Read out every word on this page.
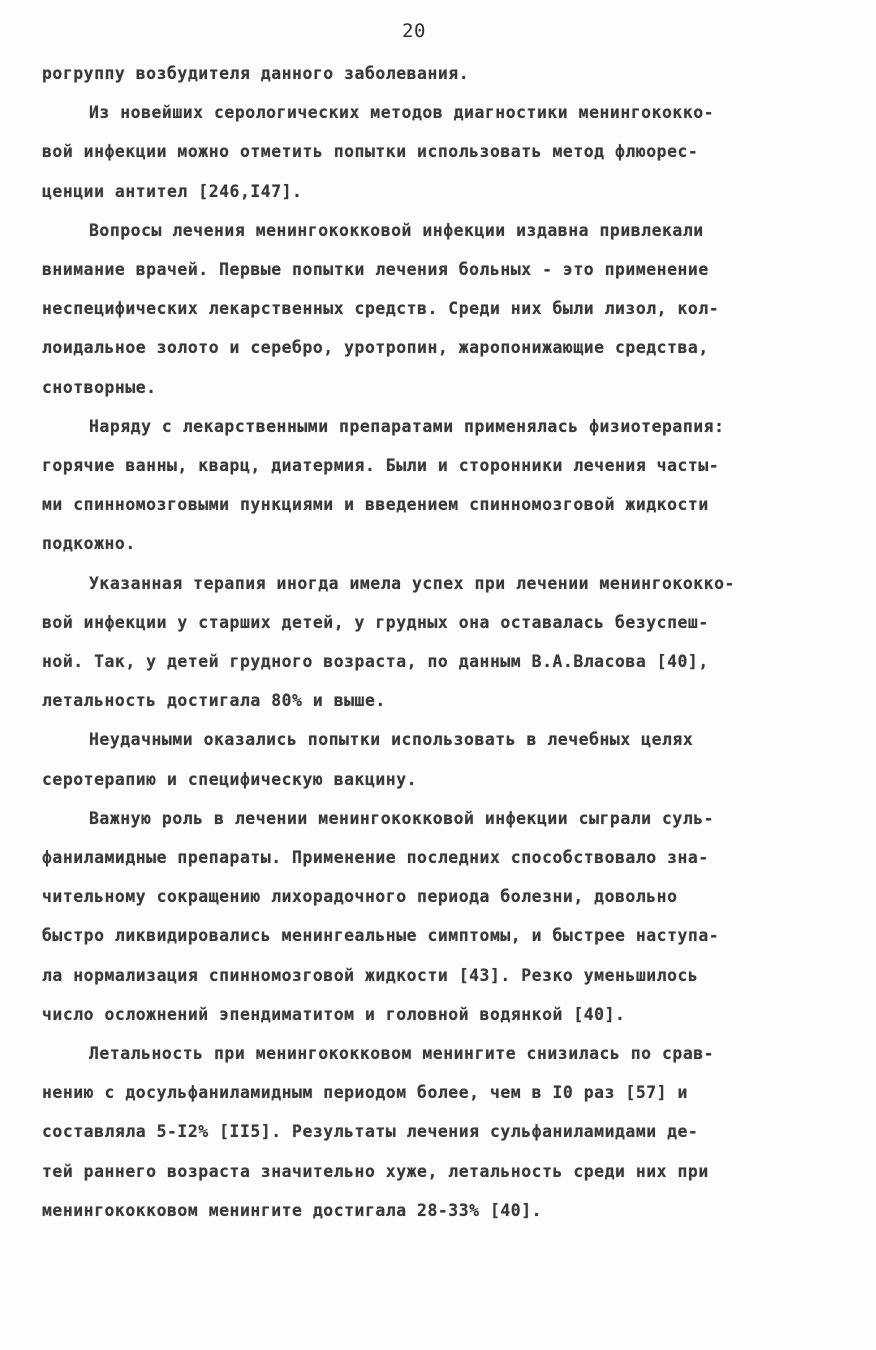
20

рогруппу возбудителя данного заболевания.

Из новейших серологических методов диагностики менингококко-
вой инфекции можно отметить попытки использовать метод флюорес-
ценции антител [246,I47].

Вопросы лечения менингококковой инфекции издавна привлекали
внимание врачей. Первые попытки лечения больных - это применение
неспецифических лекарственных средств. Среди них были лизол, кол-
лоидальное золото и серебро, уротропин, жаропонижающие средства,
снотворные.

Наряду с лекарственными препаратами применялась физиотерапия:
горячие ванны, кварц, диатермия. Были и сторонники лечения часты-
ми спинномозговыми пункциями и введением спинномозговой жидкости
подкожно.

Указанная терапия иногда имела успех при лечении менингококко-
вой инфекции у старших детей, у грудных она оставалась безуспеш-
ной. Так, у детей грудного возраста, по данным В.А.Власова [40],
летальность достигала 80% и выше.

Неудачными оказались попытки использовать в лечебных целях
серотерапию и специфическую вакцину.

Важную роль в лечении менингококковой инфекции сыграли суль-
фаниламидные препараты. Применение последних способствовало зна-
чительному сокращению лихорадочного периода болезни, довольно
быстро ликвидировались менингеальные симптомы, и быстрее наступа-
ла нормализация спинномозговой жидкости [43]. Резко уменьшилось
число осложнений эпендиматитом и головной водянкой [40].

Летальность при менингококковом менингите снизилась по срав-
нению с досульфаниламидным периодом более, чем в I0 раз [57] и
составляла 5-I2% [II5]. Результаты лечения сульфаниламидами де-
тей раннего возраста значительно хуже, летальность среди них при
менингококковом менингите достигала 28-33% [40].
